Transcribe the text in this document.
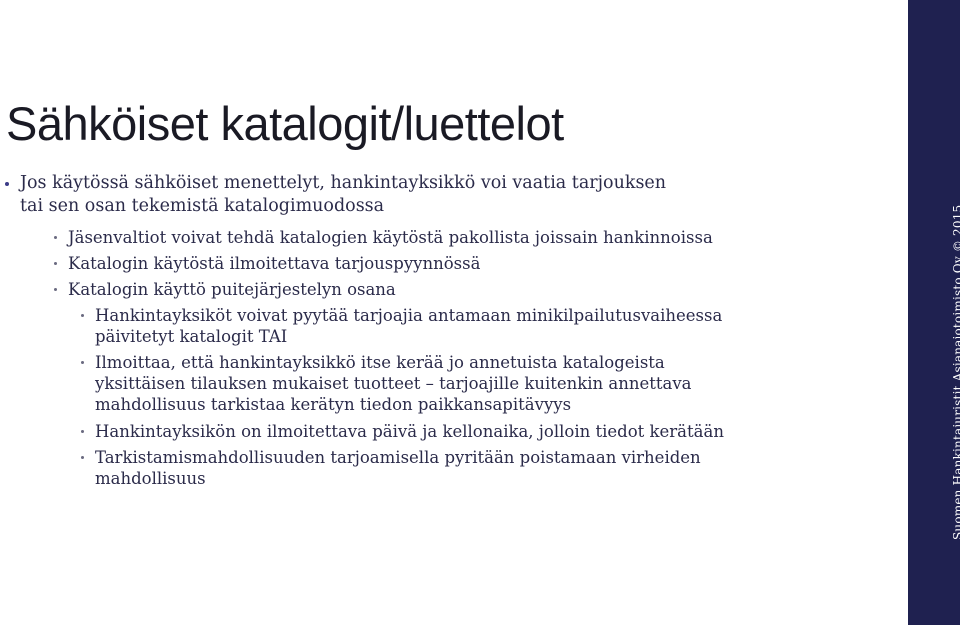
Sähköiset katalogit/luettelot
Jos käytössä sähköiset menettelyt, hankintayksikkö voi vaatia tarjouksen
tai sen osan tekemistä katalogimuodossa
Jäsenvaltiot voivat tehdä katalogien käytöstä pakollista joissain hankinnoissa
Katalogin käytöstä ilmoitettava tarjouspyynnössä
Katalogin käyttö puitejärjestelyn osana
Hankintayksiköt voivat pyytää tarjoajia antamaan minikilpailutusvaiheessa
päivitetyt katalogit TAI
Ilmoittaa, että hankintayksikkö itse kerää jo annetuista katalogeista
yksittäisen tilauksen mukaiset tuotteet – tarjoajille kuitenkin annettava
mahdollisuus tarkistaa kerätyn tiedon paikkansapitävyys
Hankintayksikön on ilmoitettava päivä ja kellonaika, jolloin tiedot kerätään
Tarkistamismahdollisuuden tarjoamisella pyritään poistamaan virheiden
mahdollisuus	Suomen Hankintajuristit Asianajotoimisto Oy © 2015
